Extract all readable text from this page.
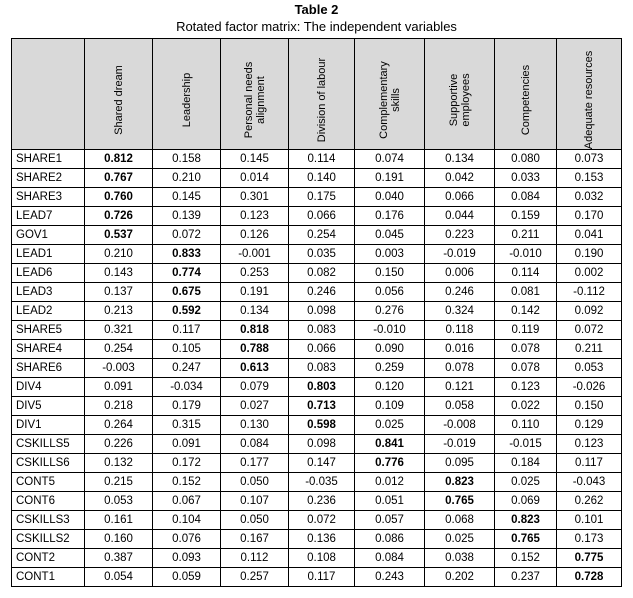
Table 2
Rotated factor matrix: The independent variables

	Shared dream	Leadership	Personal needs alignment	Division of labour	Complementary skills	Supportive employees	Competencies	Adequate resources

SHARE1	0.812	0.158	0.145	0.114	0.074	0.134	0.080	0.073
SHARE2	0.767	0.210	0.014	0.140	0.191	0.042	0.033	0.153
SHARE3	0.760	0.145	0.301	0.175	0.040	0.066	0.084	0.032
LEAD7	0.726	0.139	0.123	0.066	0.176	0.044	0.159	0.170
GOV1	0.537	0.072	0.126	0.254	0.045	0.223	0.211	0.041
LEAD1	0.210	0.833	-0.001	0.035	0.003	-0.019	-0.010	0.190
LEAD6	0.143	0.774	0.253	0.082	0.150	0.006	0.114	0.002
LEAD3	0.137	0.675	0.191	0.246	0.056	0.246	0.081	-0.112
LEAD2	0.213	0.592	0.134	0.098	0.276	0.324	0.142	0.092
SHARE5	0.321	0.117	0.818	0.083	-0.010	0.118	0.119	0.072
SHARE4	0.254	0.105	0.788	0.066	0.090	0.016	0.078	0.211
SHARE6	-0.003	0.247	0.613	0.083	0.259	0.078	0.078	0.053
DIV4	0.091	-0.034	0.079	0.803	0.120	0.121	0.123	-0.026
DIV5	0.218	0.179	0.027	0.713	0.109	0.058	0.022	0.150
DIV1	0.264	0.315	0.130	0.598	0.025	-0.008	0.110	0.129
CSKILLS5	0.226	0.091	0.084	0.098	0.841	-0.019	-0.015	0.123
CSKILLS6	0.132	0.172	0.177	0.147	0.776	0.095	0.184	0.117
CONT5	0.215	0.152	0.050	-0.035	0.012	0.823	0.025	-0.043
CONT6	0.053	0.067	0.107	0.236	0.051	0.765	0.069	0.262
CSKILLS3	0.161	0.104	0.050	0.072	0.057	0.068	0.823	0.101
CSKILLS2	0.160	0.076	0.167	0.136	0.086	0.025	0.765	0.173
CONT2	0.387	0.093	0.112	0.108	0.084	0.038	0.152	0.775
CONT1	0.054	0.059	0.257	0.117	0.243	0.202	0.237	0.728
